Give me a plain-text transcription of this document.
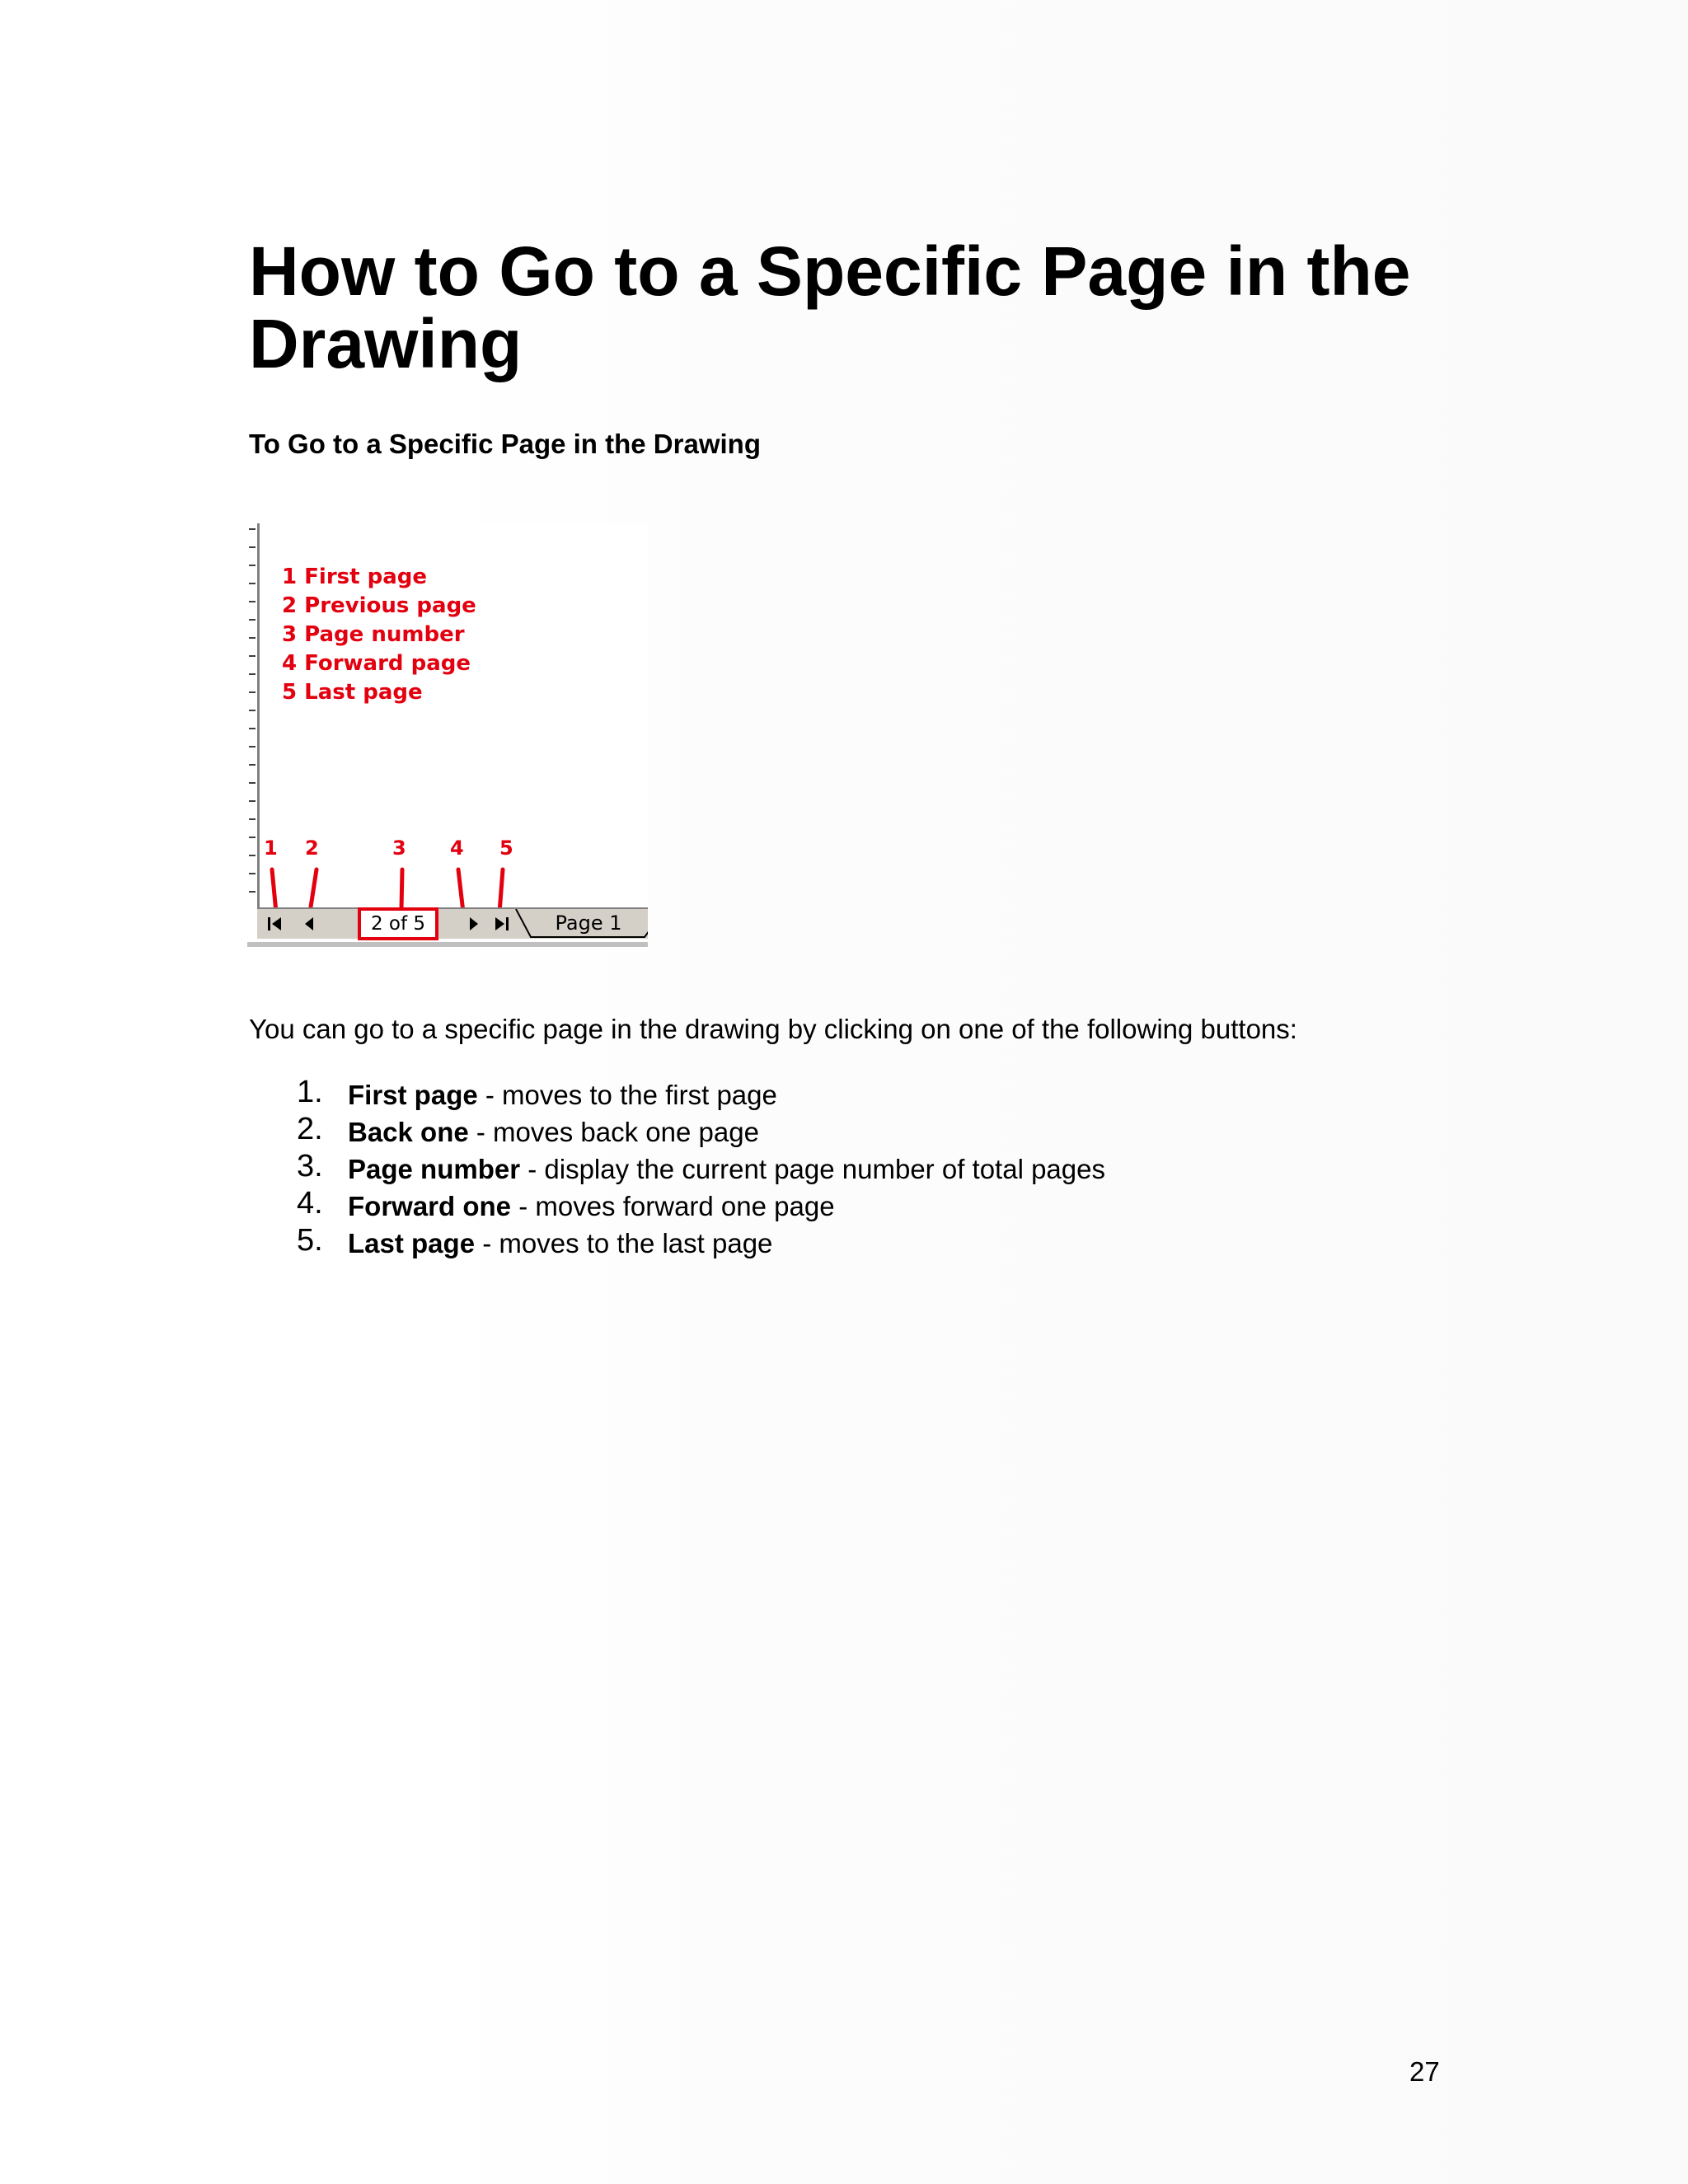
How to Go to a Specific Page in the Drawing
To Go to a Specific Page in the Drawing
1 First page
2 Previous page
3 Page number
4 Forward page
5 Last page
1 2	3 4 5
2 of 5	Page 1

You can go to a specific page in the drawing by clicking on one of the following buttons:

1. First page - moves to the first page
2. Back one - moves back one page
3. Page number - display the current page number of total pages
4. Forward one - moves forward one page
5. Last page - moves to the last page
27
